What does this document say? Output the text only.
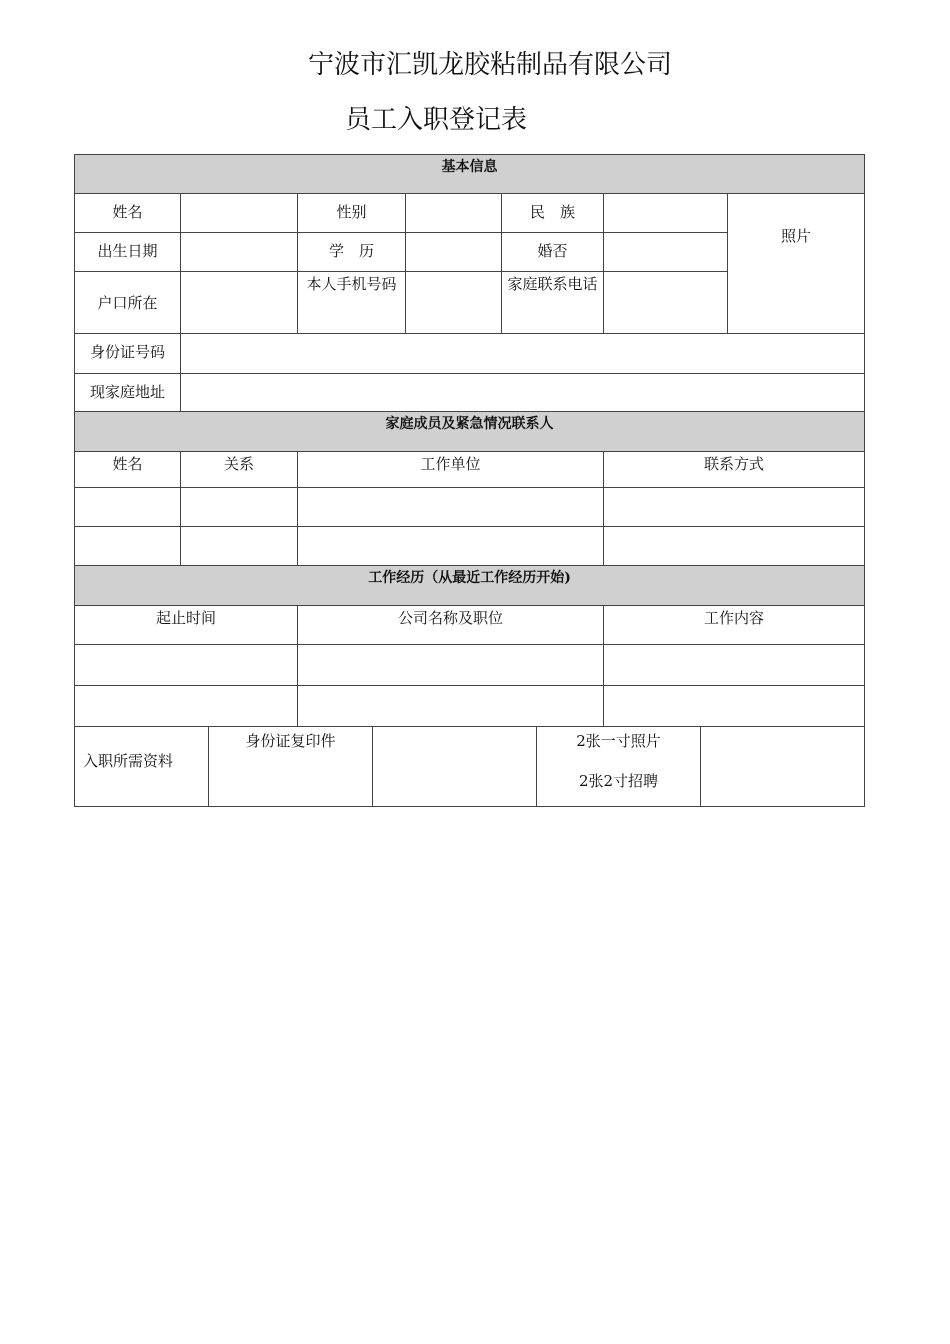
宁波市汇凯龙胶粘制品有限公司
员工入职登记表
基本信息						
姓名		性别		民　族		照片
出生日期		学　历		婚否		
户口所在		本人手机号码		家庭联系电话		
身份证号码						
现家庭地址						
家庭成员及紧急情况联系人						
姓名	关系	工作单位			联系方式	

工作经历（从最近工作经历开始)						
起止时间		公司名称及职位			工作内容	

入职所需资料	身份证复印件		2张一寸照片
2张2寸招聘
